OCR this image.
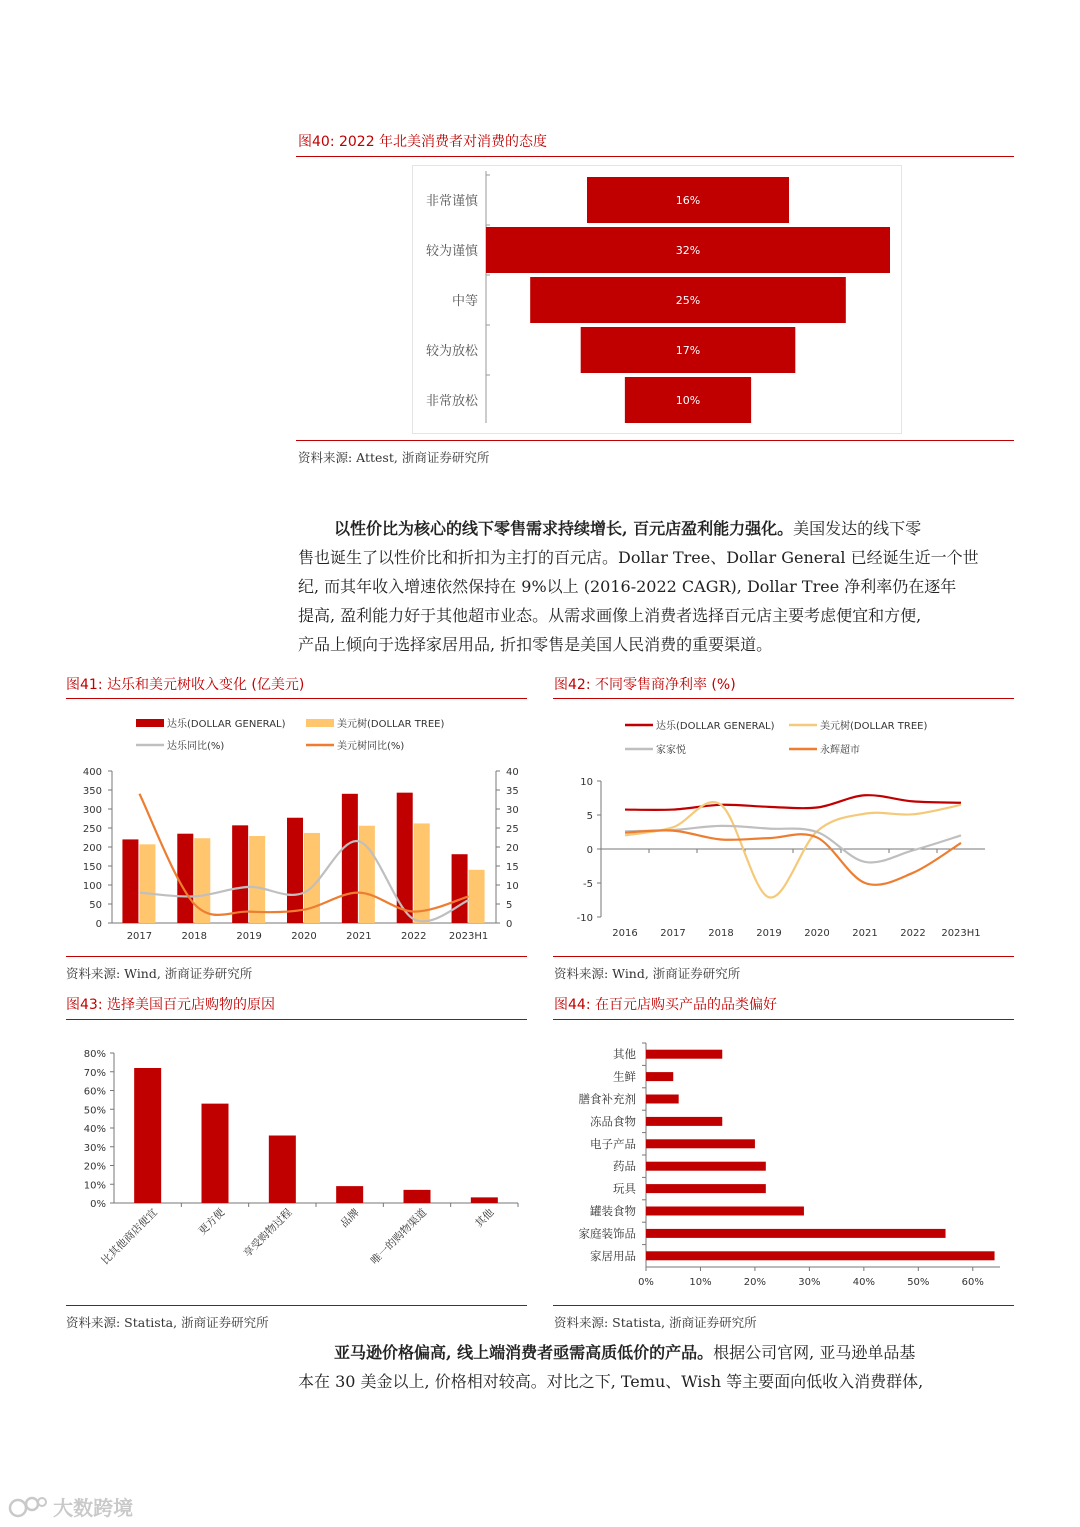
图40: 2022 年北美消费者对消费的态度
16%
非常谨慎
32%
较为谨慎
25%
中等
17%
较为放松
10%
非常放松
资料来源: Attest, 浙商证券研究所
以性价比为核心的线下零售需求持续增长, 百元店盈利能力强化。美国发达的线下零
售也诞生了以性价比和折扣为主打的百元店。Dollar Tree、Dollar General 已经诞生近一个世
纪, 而其年收入增速依然保持在 9%以上 (2016-2022 CAGR), Dollar Tree 净利率仍在逐年
提高, 盈利能力好于其他超市业态。从需求画像上消费者选择百元店主要考虑便宜和方便,
产品上倾向于选择家居用品, 折扣零售是美国人民消费的重要渠道。
图41: 达乐和美元树收入变化 (亿美元)
达乐(DOLLAR GENERAL)	美元树(DOLLAR TREE)
达乐同比(%)	美元树同比(%)
400
350
300
250
200
150
100
50
0
40
35
30
25
20
15
10
5
0
2017	2018	2019	2020	2021	2022 2023H1
资料来源: Wind, 浙商证券研究所
图42: 不同零售商净利率 (%)
达乐(DOLLAR GENERAL)	美元树(DOLLAR TREE)
家家悦	永辉超市
10
5
0
-5
-10
2016 2017 2018 2019 2020 2021 2022 2023H1
资料来源: Wind, 浙商证券研究所
图43: 选择美国百元店购物的原因
80%
70%
60%
50%
40%
30%
20%
10%
0%
比其他商店便宜	更方便 享受购物过程	品牌 唯一的购物渠道	其他
资料来源: Statista, 浙商证券研究所
图44: 在百元店购买产品的品类偏好
0%	10%	20%	30%	40%	50%	60%
其他
生鲜
膳食补充剂
冻品食物
电子产品
药品
玩具
罐装食物
家庭装饰品
家居用品
资料来源: Statista, 浙商证券研究所
亚马逊价格偏高, 线上端消费者亟需高质低价的产品。根据公司官网, 亚马逊单品基
本在 30 美金以上, 价格相对较高。对比之下, Temu、Wish 等主要面向低收入消费群体,
大数跨境
